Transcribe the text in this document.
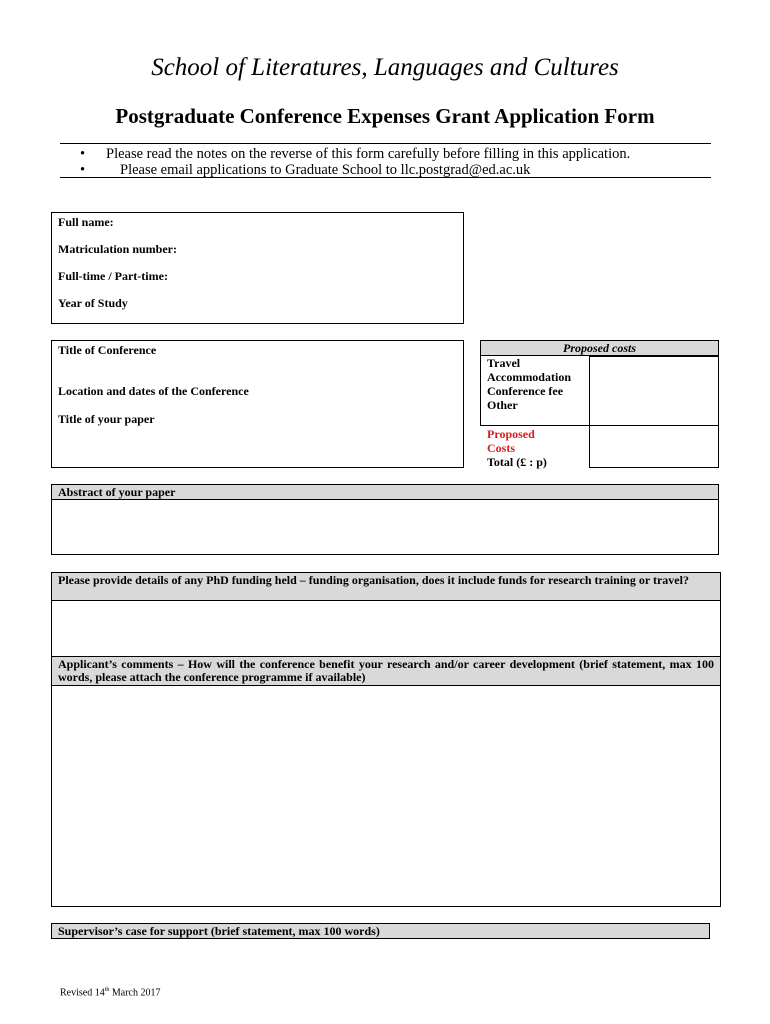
School of Literatures, Languages and Cultures
Postgraduate Conference Expenses Grant Application Form
• Please read the notes on the reverse of this form carefully before filling in this application.
• Please email applications to Graduate School to llc.postgrad@ed.ac.uk
Full name:
Matriculation number:
Full-time / Part-time:
Year of Study
Title of Conference
Location and dates of the Conference
Title of your paper
Proposed costs
Travel
Accommodation
Conference fee
Other
Proposed
Costs
Total (£ : p)
Abstract of your paper
Please provide details of any PhD funding held – funding organisation, does it include funds for research training or travel?
Applicant’s comments – How will the conference benefit your research and/or career development (brief statement, max 100 words, please attach the conference programme if available)
Supervisor’s case for support (brief statement, max 100 words)
Revised 14th March 2017
